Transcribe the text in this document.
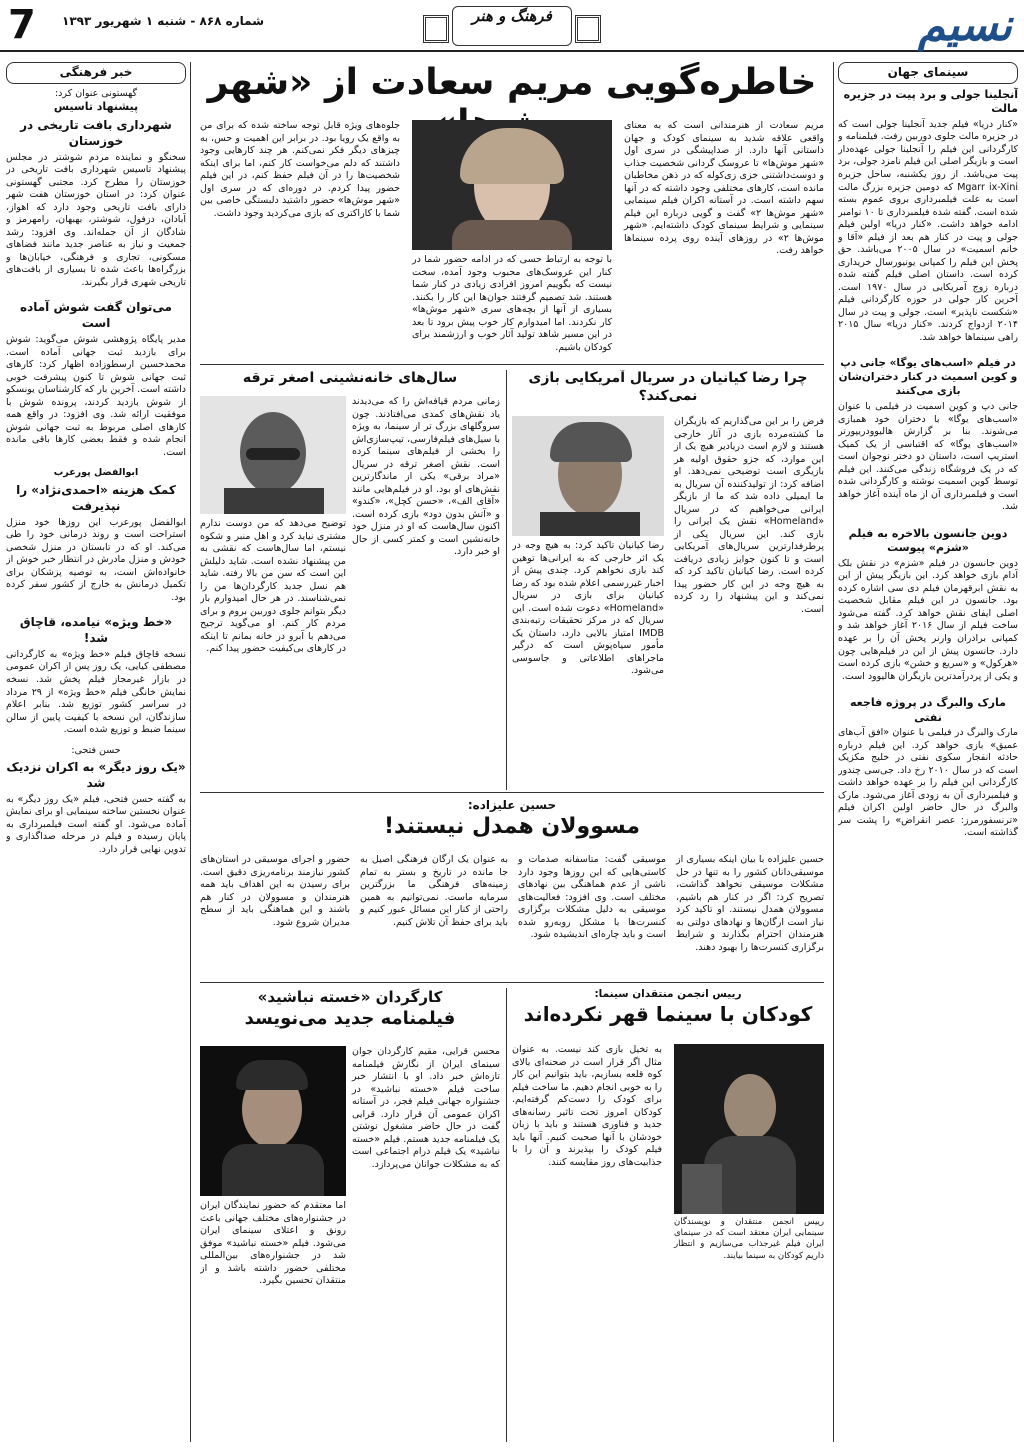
نسیم
فرهنگ و هنر
شماره ۸۶۸ - شنبه ۱ شهریور ۱۳۹۳
7
سینمای جهان
آنجلینا جولی و برد پیت در جزیره مالت

«کنار دریا» فیلم جدید آنجلینا جولی است که در جزیره مالت جلوی دوربین رفت. فیلمنامه و کارگردانی این فیلم را آنجلینا جولی عهده‌دار است و بازیگر اصلی این فیلم نامزد جولی، برد پیت می‌باشد. از روز یکشنبه، ساحل جزیره Mgarr ix-Xini که دومین جزیره بزرگ مالت است به علت فیلمبرداری بروی عموم بسته شده است. گفته شده فیلمبرداری تا ۱۰ نوامبر ادامه خواهد داشت. «کنار دریا» اولین فیلم جولی و پیت در کنار هم بعد از فیلم «آقا و خانم اسمیت» در سال ۲۰۰۵ می‌باشد. حق پخش این فیلم را کمپانی یونیورسال خریداری کرده است. داستان اصلی فیلم گفته شده درباره زوج آمریکایی در سال ۱۹۷۰ است. آخرین کار جولی در حوزه کارگردانی فیلم «شکست ناپذیر» است. جولی و پیت در سال ۲۰۱۴ ازدواج کردند. «کنار دریا» سال ۲۰۱۵ راهی سینماها خواهد شد.

در فیلم «اسب‌های یوگا» جانی دپ و کوین اسمیت در کنار دختران‌شان بازی می‌کنند

جانی دپ و کوین اسمیت در فیلمی با عنوان «اسب‌های یوگا» با دختران خود همبازی می‌شوند. بنا بر گزارش هالیوودریپورتر «اسب‌های یوگا» که اقتباسی از یک کمیک استریپ است، داستان دو دختر نوجوان است که در یک فروشگاه زندگی می‌کنند. این فیلم توسط کوین اسمیت نوشته و کارگردانی شده است و فیلمبرداری آن از ماه آینده آغاز خواهد شد.

دوین جانسون بالاخره به فیلم «شزم» پیوست

دوین جانسون در فیلم «شزم» در نقش بلک آدام بازی خواهد کرد. این بازیگر پیش از این به نقش ابرقهرمان فیلم دی سی اشاره کرده بود. جانسون در این فیلم مقابل شخصیت اصلی ایفای نقش خواهد کرد. گفته می‌شود ساخت فیلم از سال ۲۰۱۶ آغاز خواهد شد و کمپانی برادران وارنر پخش آن را بر عهده دارد. جانسون پیش از این در فیلم‌هایی چون «هرکول» و «سریع و خشن» بازی کرده است و یکی از پردرآمدترین بازیگران هالیوود است.

مارک والبرگ در پروژه فاجعه نفتی

مارک والبرگ در فیلمی با عنوان «افق آب‌های عمیق» بازی خواهد کرد. این فیلم درباره حادثه انفجار سکوی نفتی در خلیج مکزیک است که در سال ۲۰۱۰ رخ داد. جی‌سی چندور کارگردانی این فیلم را بر عهده خواهد داشت و فیلمبرداری آن به زودی آغاز می‌شود. مارک والبرگ در حال حاضر اولین اکران فیلم «ترنسفورمرز: عصر انقراض» را پشت سر گذاشته است.

خبر فرهنگی
گهستونی عنوان کرد:
پیشنهاد تاسیس
شهرداری بافت تاریخی در خوزستان

سخنگو و نماینده مردم شوشتر در مجلس پیشنهاد تاسیس شهرداری بافت تاریخی در خوزستان را مطرح کرد. مجتبی گهستونی عنوان کرد: در استان خوزستان هفت شهر دارای بافت تاریخی وجود دارد که اهواز، آبادان، دزفول، شوشتر، بهبهان، رامهرمز و شادگان از آن جمله‌اند. وی افزود: رشد جمعیت و نیاز به عناصر جدید مانند فضاهای مسکونی، تجاری و فرهنگی، خیابان‌ها و بزرگراه‌ها باعث شده تا بسیاری از بافت‌های تاریخی شهری قرار بگیرند.

می‌توان گفت شوش آماده است

مدیر پایگاه پژوهشی شوش می‌گوید: شوش برای بازدید ثبت جهانی آماده است. محمدحسین ارسطوزاده اظهار کرد: کارهای ثبت جهانی شوش تا کنون پیشرفت خوبی داشته است. آخرین بار که کارشناسان یونسکو از شوش بازدید کردند، پرونده شوش با موفقیت ارائه شد. وی افزود: در واقع همه کارهای اصلی مربوط به ثبت جهانی شوش انجام شده و فقط بعضی کارها باقی مانده است.

ابوالفضل پورعرب
کمک هزینه «احمدی‌نژاد» را نپذیرفت

ابوالفضل پورعرب این روزها خود منزل استراحت است و روند درمانی خود را طی می‌کند. او که در تابستان در منزل شخصی خودش و منزل مادرش در انتظار خبر خوش از خانواده‌اش است، به توصیه پزشکان برای تکمیل درمانش به خارج از کشور سفر کرده بود.

«خط ویژه» نیامده، قاچاق شد!

نسخه قاچاق فیلم «خط ویژه» به کارگردانی مصطفی کیایی، یک روز پس از اکران عمومی در بازار غیرمجاز فیلم پخش شد. نسخه نمایش خانگی فیلم «خط ویژه» از ۲۹ مرداد در سراسر کشور توزیع شد. بنابر اعلام سازندگان، این نسخه با کیفیت پایین از سالن سینما ضبط و توزیع شده است.

حسن فتحی:
«یک روز دیگر» به اکران نزدیک شد

به گفته حسن فتحی، فیلم «یک روز دیگر» به عنوان نخستین ساخته سینمایی او برای نمایش آماده می‌شود. او گفته است فیلمبرداری به پایان رسیده و فیلم در مرحله صداگذاری و تدوین نهایی قرار دارد.

خاطره‌گویی مریم سعادت از «شهر

مریم سعادت از هنرمندانی است که به معنای واقعی علاقه شدید به سینمای کودک و جهان داستانی آنها دارد. از صداپیشگی در سری اول «شهر موش‌ها» تا عروسک گردانی شخصیت جذاب و دوست‌داشتنی خزی‌ زی‌کوله که در ذهن مخاطبان مانده است، کارهای مختلفی وجود داشته که در آنها سهم داشته است. در آستانه اکران فیلم سینمایی «شهر موش‌ها ۲» گفت و گویی درباره این فیلم سینمایی و شرایط سینمای کودک داشته‌ایم. «شهر موش‌ها ۲» در روزهای آینده روی پرده سینما‌ها خواهد رفت.

با توجه به ارتباط حسی که در ادامه حضور شما در کنار این عروسک‌های محبوب وجود آمده، سخت نیست که بگوییم امروز افرادی زیادی در کنار شما هستند. شد تصمیم گرفتند جوان‌ها این کار را بکنند. بسیاری از آنها از بچه‌های سری «شهر موش‌ها» کار نکردند. اما امیدوارم کار خوب پیش برود تا بعد در این مسیر شاهد تولید آثار خوب و ارزشمند برای کودکان باشیم.

جلوه‌های ویژه قابل توجه ساخته شده که برای من به واقع یک رویا بود. در برابر این اهمیت و حس، به چیزهای دیگر فکر نمی‌کنم. هر چند کارهایی وجود داشتند که دلم می‌خواست کار کنم، اما برای اینکه شخصیت‌ها را در آن فیلم حفظ کنم، در این فیلم حضور پیدا کردم. در دوره‌ای که در سری اول «شهر موش‌ها» حضور داشتید دلبستگی خاصی بین شما با کاراکتری که بازی می‌کردید وجود داشت.

چرا رضا کیانیان در سریال آمریکایی بازی نمی‌کند؟

فرض را بر این می‌گذاریم که بازیگران ما کشته‌مرده بازی در آثار خارجی هستند و لازم است دریادیر هیچ یک از این موارد، که جزو حقوق اولیه هر بازیگری است توضیحی نمی‌دهد. او اضافه کرد: از تولیدکننده آن سریال به ما ایمیلی داده شد که ما از بازیگر ایرانی می‌خواهیم که در سریال «Homeland» نقش یک ایرانی را بازی کند. این سریال یکی از پرطرفدارترین سریال‌های آمریکایی است و تا کنون جوایز زیادی دریافت کرده است. رضا کیانیان تاکید کرد که به هیچ وجه در این کار حضور پیدا نمی‌کند و این پیشنهاد را رد کرده است.

رضا کیانیان تاکید کرد: به هیچ وجه در یک اثر خارجی که به ایرانی‌ها توهین کند بازی نخواهم کرد. چندی پیش از اخبار غیررسمی اعلام شده بود که رضا کیانیان برای بازی در سریال «Homeland» دعوت شده است. این سریال که در مرکز تحقیقات رتبه‌بندی IMDB امتیاز بالایی دارد، داستان یک مأمور سیاه‌پوش است که درگیر ماجراهای اطلاعاتی و جاسوسی می‌شود.

سال‌های خانه‌نشینی اصغر ترقه

زمانی مردم قیافه‌اش را که می‌دیدند یاد نقش‌های کمدی می‌افتادند. چون سروگلهای بزرگ تر از سینما، به ویژه با سیل‌های فیلم‌فارسی، تیپ‌سازی‌اش را بخشی از فیلم‌های سینما کرده است. نقش اصغر ترقه در سریال «مراد برقی» یکی از ماندگارترین نقش‌های او بود. او در فیلم‌هایی مانند «آقای الف»، «حسن کچل»، «کندو» و «آتش بدون دود» بازی کرده است. اکنون سال‌هاست که او در منزل خود خانه‌نشین است و کمتر کسی از حال او خبر دارد.

توضیح می‌دهد که من دوست ندارم مشتری نیاید کرد و اهل منبر و شکوه نیستم، اما سال‌هاست که نقشی به من پیشنهاد نشده است. شاید دلیلش این است که سن من بالا رفته. شاید هم نسل جدید کارگردان‌ها من را نمی‌شناسند. در هر حال امیدوارم بار دیگر بتوانم جلوی دوربین بروم و برای مردم کار کنم. او می‌گوید ترجیح می‌دهم با آبرو در خانه بمانم تا اینکه در کارهای بی‌کیفیت حضور پیدا کنم.

حسین علیزاده:
مسوولان همدل نیستند!

حسین علیزاده با بیان اینکه بسیاری از موسیقی‌دانان کشور را به تنها در حل مشکلات موسیقی نخواهد گذاشت، تصریح کرد: اگر در کنار هم باشیم، مسوولان همدل نیستند. او تاکید کرد نیاز است ارگان‌ها و نهادهای دولتی به هنرمندان احترام بگذارند و شرایط برگزاری کنسرت‌ها را بهبود دهند.

موسیقی گفت: متاسفانه صدمات و کاستی‌هایی که این روزها وجود دارد ناشی از عدم هماهنگی بین نهادهای مختلف است. وی افزود: فعالیت‌های موسیقی به دلیل مشکلات برگزاری کنسرت‌ها با مشکل روبه‌رو شده است و باید چاره‌ای اندیشیده شود.

به عنوان یک ارگان فرهنگی اصیل به جا مانده در تاریخ و بستر به تمام زمینه‌های فرهنگی ما بزرگترین سرمایه ماست. نمی‌توانیم به همین راحتی از کنار این مسائل عبور کنیم و باید برای حفظ آن تلاش کنیم.

حضور و اجرای موسیقی در استان‌های کشور نیازمند برنامه‌ریزی دقیق است. برای رسیدن به این اهداف باید همه هنرمندان و مسوولان در کنار هم باشند و این هماهنگی باید از سطح مدیران شروع شود.

رییس انجمن منتقدان سینما:
کودکان با سینما قهر نکرده‌اند

رییس انجمن منتقدان و نویسندگان سینمایی ایران معتقد است که در سینمای ایران فیلم غیرجذاب می‌سازیم و انتظار داریم کودکان به سینما بیایند.

به تخیل بازی کند نیست. به عنوان مثال اگر قرار است در صحنه‌ای بالای کوه قلعه بسازیم، باید بتوانیم این کار را به خوبی انجام دهیم. ما ساخت فیلم برای کودک را دست‌کم گرفته‌ایم. کودکان امروز تحت تاثیر رسانه‌های جدید و فناوری هستند و باید با زبان خودشان با آنها صحبت کنیم. آنها باید فیلم کودک را بپذیرند و آن را با جذابیت‌های روز مقایسه کنند.

کارگردان «خسته نباشید»
فیلمنامه جدید می‌نویسد

محسن قرایی، مقیم کارگردان جوان سینمای ایران از نگارش فیلمنامه تازه‌اش خبر داد. او با انتشار خبر ساخت فیلم «خسته نباشید» در جشنواره جهانی فیلم فجر، در آستانه اکران عمومی آن قرار دارد. قرایی گفت در حال حاضر مشغول نوشتن یک فیلمنامه جدید هستم. فیلم «خسته نباشید» یک فیلم درام اجتماعی است که به مشکلات جوانان می‌پردازد.

اما معتقدم که حضور نمایندگان ایران در جشنواره‌های مختلف جهانی باعث رونق و اعتلای سینمای ایران می‌شود. فیلم «خسته نباشید» موفق شد در جشنواره‌های بین‌المللی مختلفی حضور داشته باشد و از منتقدان تحسین بگیرد.
